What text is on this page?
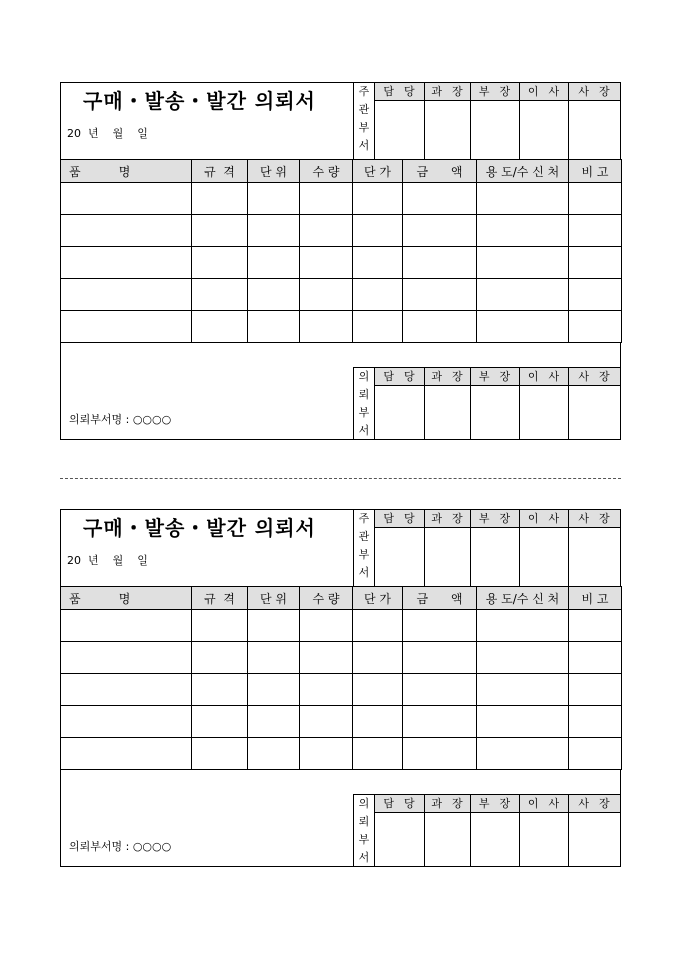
구매・발송・발간 의뢰서
20  년    월    일
주
관
부
서
담  당	과  장	부  장	이  사	사  장
품          명	규  격	단 위	수 량	단 가	금      액	용 도/수 신 처	비 고

의뢰부서명 : ○○○○
의
뢰
부
서
담  당	과  장	부  장	이  사	사  장
구매・발송・발간 의뢰서
20  년    월    일
주
관
부
서
담  당	과  장	부  장	이  사	사  장
품          명	규  격	단 위	수 량	단 가	금      액	용 도/수 신 처	비 고

의뢰부서명 : ○○○○
의
뢰
부
서
담  당	과  장	부  장	이  사	사  장
